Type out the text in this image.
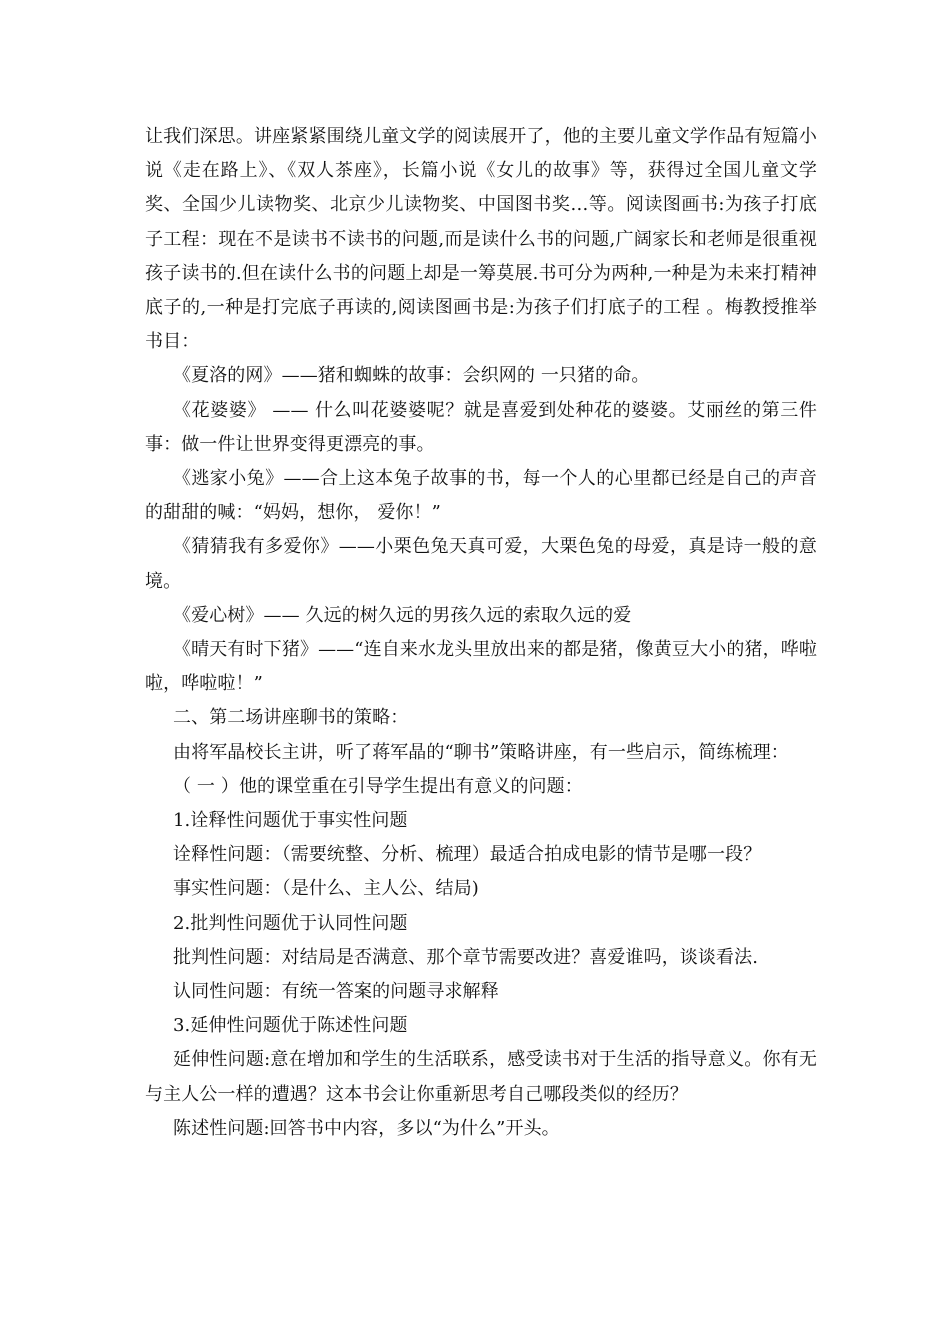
让我们深思。讲座紧紧围绕儿童文学的阅读展开了，他的主要儿童文学作品有短篇小说《走在路上》、《双人茶座》，长篇小说《女儿的故事》等，获得过全国儿童文学奖、全国少儿读物奖、北京少儿读物奖、中国图书奖…等。阅读图画书:为孩子打底子工程：现在不是读书不读书的问题,而是读什么书的问题,广阔家长和老师是很重视孩子读书的.但在读什么书的问题上却是一筹莫展.书可分为两种,一种是为未来打精神底子的,一种是打完底子再读的,阅读图画书是:为孩子们打底子的工程 。梅教授推举书目：

《夏洛的网》——猪和蜘蛛的故事：会织网的 一只猪的命。

《花婆婆》 —— 什么叫花婆婆呢？就是喜爱到处种花的婆婆。艾丽丝的第三件事：做一件让世界变得更漂亮的事。

《逃家小兔》——合上这本兔子故事的书，每一个人的心里都已经是自己的声音的甜甜的喊：“妈妈，想你， 爱你！”

《猜猜我有多爱你》——小栗色兔天真可爱，大栗色兔的母爱，真是诗一般的意境。

《爱心树》—— 久远的树久远的男孩久远的索取久远的爱

《晴天有时下猪》——“连自来水龙头里放出来的都是猪，像黄豆大小的猪，哗啦啦，哗啦啦！”

二、第二场讲座聊书的策略：

由将军晶校长主讲，听了蒋军晶的“聊书”策略讲座，有一些启示，简练梳理：

（ 一 ）他的课堂重在引导学生提出有意义的问题：

1.诠释性问题优于事实性问题

诠释性问题：（需要统整、分析、梳理）最适合拍成电影的情节是哪一段？

事实性问题：（是什么、主人公、结局)

2.批判性问题优于认同性问题

批判性问题：对结局是否满意、那个章节需要改进？喜爱谁吗，谈谈看法.

认同性问题：有统一答案的问题寻求解释

3.延伸性问题优于陈述性问题

延伸性问题:意在增加和学生的生活联系，感受读书对于生活的指导意义。你有无与主人公一样的遭遇？这本书会让你重新思考自己哪段类似的经历？

陈述性问题:回答书中内容，多以“为什么”开头。
